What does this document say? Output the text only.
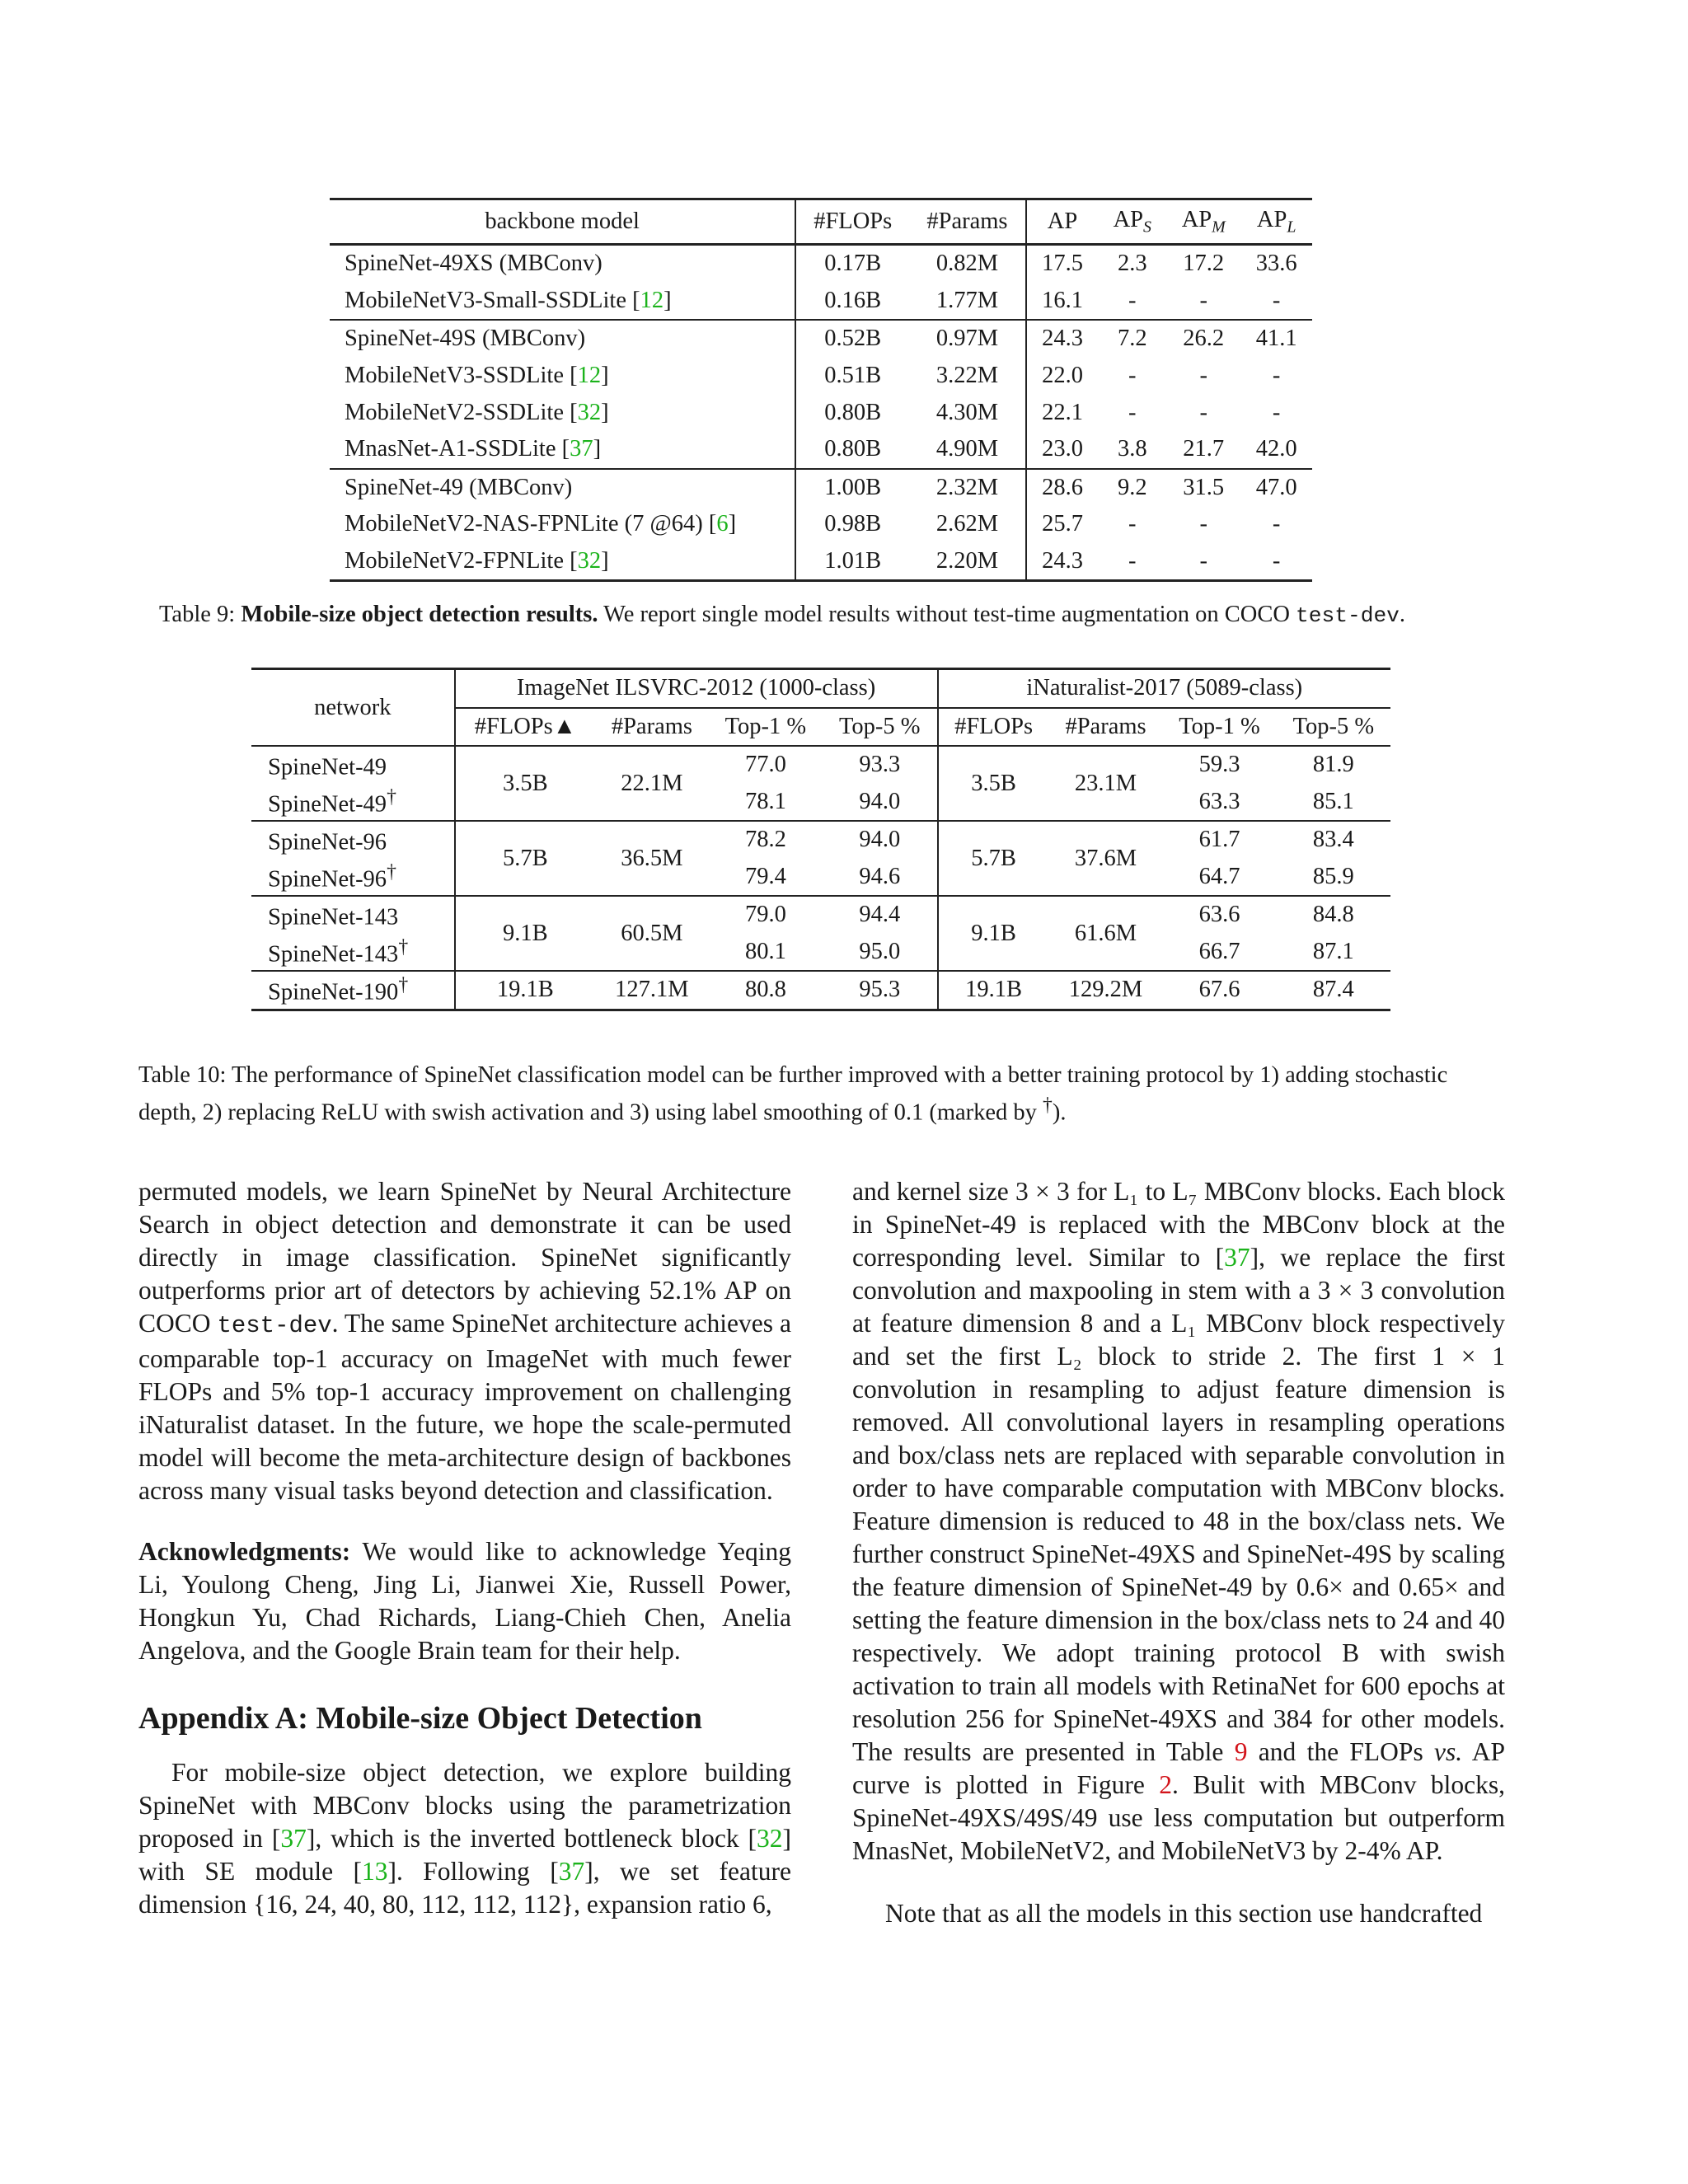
backbone model	#FLOPs	#Params	AP	$AP_S$	$AP_M$	$AP_L$
SpineNet-49XS (MBConv)	0.17B	0.82M	17.5	2.3	17.2	33.6
MobileNetV3-Small-SSDLite [12]	0.16B	1.77M	16.1	-	-	-
SpineNet-49S (MBConv)	0.52B	0.97M	24.3	7.2	26.2	41.1
MobileNetV3-SSDLite [12]	0.51B	3.22M	22.0	-	-	-
MobileNetV2-SSDLite [32]	0.80B	4.30M	22.1	-	-	-
MnasNet-A1-SSDLite [37]	0.80B	4.90M	23.0	3.8	21.7	42.0
SpineNet-49 (MBConv)	1.00B	2.32M	28.6	9.2	31.5	47.0
MobileNetV2-NAS-FPNLite (7 @64) [6]	0.98B	2.62M	25.7	-	-	-
MobileNetV2-FPNLite [32]	1.01B	2.20M	24.3	-	-	-
Table 9: Mobile-size object detection results. We report single model results without test-time augmentation on COCO test-dev.
network	ImageNet ILSVRC-2012 (1000-class)				iNaturalist-2017 (5089-class)			
	#FLOPs▲	#Params	Top-1 %	Top-5 %	#FLOPs	#Params	Top-1 %	Top-5 %
SpineNet-49	3.5B	22.1M	77.0	93.3	3.5B	23.1M	59.3	81.9
SpineNet-49†			78.1	94.0			63.3	85.1
SpineNet-96	5.7B	36.5M	78.2	94.0	5.7B	37.6M	61.7	83.4
SpineNet-96†			79.4	94.6			64.7	85.9
SpineNet-143	9.1B	60.5M	79.0	94.4	9.1B	61.6M	63.6	84.8
SpineNet-143†			80.1	95.0			66.7	87.1
SpineNet-190†	19.1B	127.1M	80.8	95.3	19.1B	129.2M	67.6	87.4
Table 10: The performance of SpineNet classification model can be further improved with a better training protocol by 1) adding stochastic depth, 2) replacing ReLU with swish activation and 3) using label smoothing of 0.1 (marked by †).

permuted models, we learn SpineNet by Neural Architecture Search in object detection and demonstrate it can be used directly in image classification. SpineNet significantly outperforms prior art of detectors by achieving 52.1% AP on COCO test-dev. The same SpineNet architecture achieves a comparable top-1 accuracy on ImageNet with much fewer FLOPs and 5% top-1 accuracy improvement on challenging iNaturalist dataset. In the future, we hope the scale-permuted model will become the meta-architecture design of backbones across many visual tasks beyond detection and classification.

Acknowledgments: We would like to acknowledge Yeqing Li, Youlong Cheng, Jing Li, Jianwei Xie, Russell Power, Hongkun Yu, Chad Richards, Liang-Chieh Chen, Anelia Angelova, and the Google Brain team for their help.

Appendix A: Mobile-size Object Detection

For mobile-size object detection, we explore building SpineNet with MBConv blocks using the parametrization proposed in [37], which is the inverted bottleneck block [32] with SE module [13]. Following [37], we set feature dimension {16, 24, 40, 80, 112, 112, 112}, expansion ratio 6,

and kernel size 3 × 3 for L₁ to L₇ MBConv blocks. Each block in SpineNet-49 is replaced with the MBConv block at the corresponding level. Similar to [37], we replace the first convolution and maxpooling in stem with a 3 × 3 convolution at feature dimension 8 and a L₁ MBConv block respectively and set the first L₂ block to stride 2. The first 1 × 1 convolution in resampling to adjust feature dimension is removed. All convolutional layers in resampling operations and box/class nets are replaced with separable convolution in order to have comparable computation with MBConv blocks. Feature dimension is reduced to 48 in the box/class nets. We further construct SpineNet-49XS and SpineNet-49S by scaling the feature dimension of SpineNet-49 by 0.6× and 0.65× and setting the feature dimension in the box/class nets to 24 and 40 respectively. We adopt training protocol B with swish activation to train all models with RetinaNet for 600 epochs at resolution 256 for SpineNet-49XS and 384 for other models. The results are presented in Table 9 and the FLOPs vs. AP curve is plotted in Figure 2. Bulit with MBConv blocks, SpineNet-49XS/49S/49 use less computation but outperform MnasNet, MobileNetV2, and MobileNetV3 by 2-4% AP.

Note that as all the models in this section use handcrafted
